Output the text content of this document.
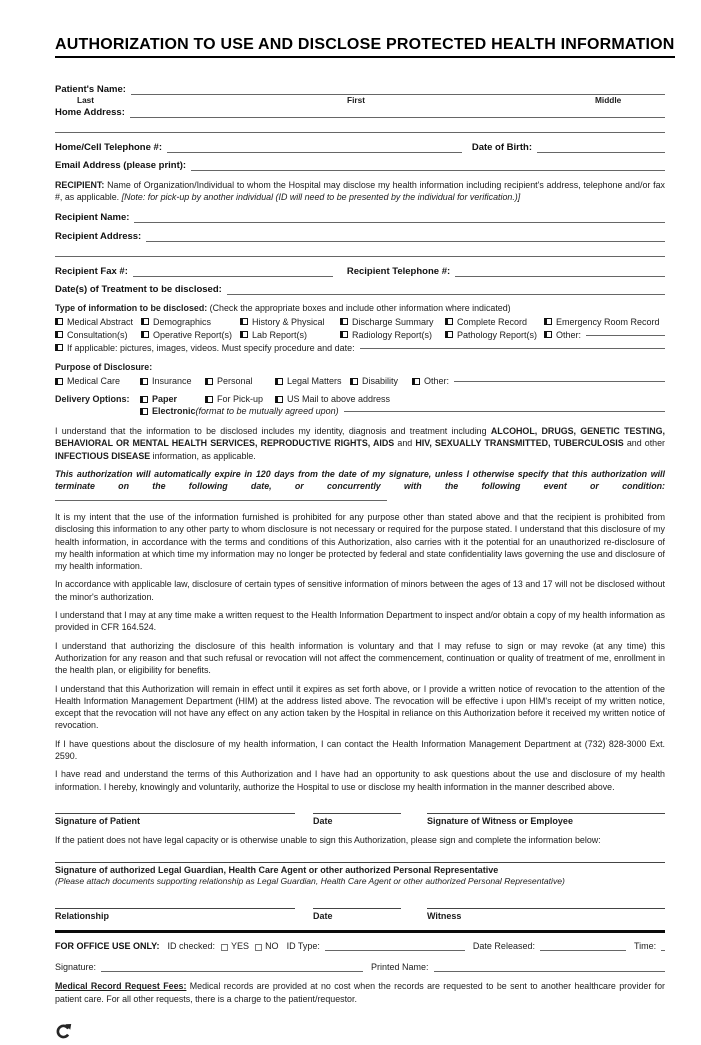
AUTHORIZATION TO USE AND DISCLOSE PROTECTED HEALTH INFORMATION
Patient's Name:
Last	First	Middle
Home Address:
Home/Cell Telephone #:	Date of Birth:
Email Address (please print):
RECIPIENT: Name of Organization/Individual to whom the Hospital may disclose my health information including recipient's address, telephone and/or fax #, as applicable. [Note: for pick-up by another individual (ID will need to be presented by the individual for verification.)]
Recipient Name:
Recipient Address:
Recipient Fax #:	Recipient Telephone #:
Date(s) of Treatment to be disclosed:
Type of information to be disclosed: (Check the appropriate boxes and include other information where indicated)
Medical Abstract Demographics	History & Physical	Discharge Summary	Complete Record	Emergency Room Record
Consultation(s)	Operative Report(s) Lab Report(s)	Radiology Report(s)	Pathology Report(s) Other:
If applicable: pictures, images, videos. Must specify procedure and date:
Purpose of Disclosure:
Medical Care	Insurance	Personal	Legal Matters Disability	Other:
Delivery Options:	Paper	For Pick-up	US Mail to above address
Electronic (format to be mutually agreed upon)
I understand that the information to be disclosed includes my identity, diagnosis and treatment including ALCOHOL, DRUGS, GENETIC TESTING, BEHAVIORAL OR MENTAL HEALTH SERVICES, REPRODUCTIVE RIGHTS, AIDS and HIV, SEXUALLY TRANSMITTED, TUBERCULOSIS and other INFECTIOUS DISEASE information, as applicable.
This authorization will automatically expire in 120 days from the date of my signature, unless I otherwise specify that this authorization will terminate on the following date, or concurrently with the following event or condition:
It is my intent that the use of the information furnished is prohibited for any purpose other than stated above and that the recipient is prohibited from disclosing this information to any other party to whom disclosure is not necessary or required for the purpose stated. I understand that this disclosure of my health information, in accordance with the terms and conditions of this Authorization, also carries with it the potential for an unauthorized re-disclosure of my health information at which time my information may no longer be protected by federal and state confidentiality laws governing the use and disclosure of my health information.
In accordance with applicable law, disclosure of certain types of sensitive information of minors between the ages of 13 and 17 will not be disclosed without the minor's authorization.
I understand that I may at any time make a written request to the Health Information Department to inspect and/or obtain a copy of my health information as provided in CFR 164.524.
I understand that authorizing the disclosure of this health information is voluntary and that I may refuse to sign or may revoke (at any time) this Authorization for any reason and that such refusal or revocation will not affect the commencement, continuation or quality of treatment of me, enrollment in the health plan, or eligibility for benefits.
I understand that this Authorization will remain in effect until it expires as set forth above, or I provide a written notice of revocation to the attention of the Health Information Management Department (HIM) at the address listed above. The revocation will be effective i upon HIM's receipt of my written notice, except that the revocation will not have any effect on any action taken by the Hospital in reliance on this Authorization before it received my written notice of revocation.
If I have questions about the disclosure of my health information, I can contact the Health Information Management Department at (732) 828-3000 Ext. 2590.
I have read and understand the terms of this Authorization and I have had an opportunity to ask questions about the use and disclosure of my health information. I hereby, knowingly and voluntarily, authorize the Hospital to use or disclose my health information in the manner described above.
Signature of Patient	Date	Signature of Witness or Employee
If the patient does not have legal capacity or is otherwise unable to sign this Authorization, please sign and complete the information below:
Signature of authorized Legal Guardian, Health Care Agent or other authorized Personal Representative
(Please attach documents supporting relationship as Legal Guardian, Health Care Agent or other authorized Personal Representative)
Relationship	Date	Witness
FOR OFFICE USE ONLY: ID checked: YES NO ID Type:	Date Released:	Time:
Signature:	Printed Name:
Medical Record Request Fees: Medical records are provided at no cost when the records are requested to be sent to another healthcare provider for patient care. For all other requests, there is a charge to the patient/requestor.
